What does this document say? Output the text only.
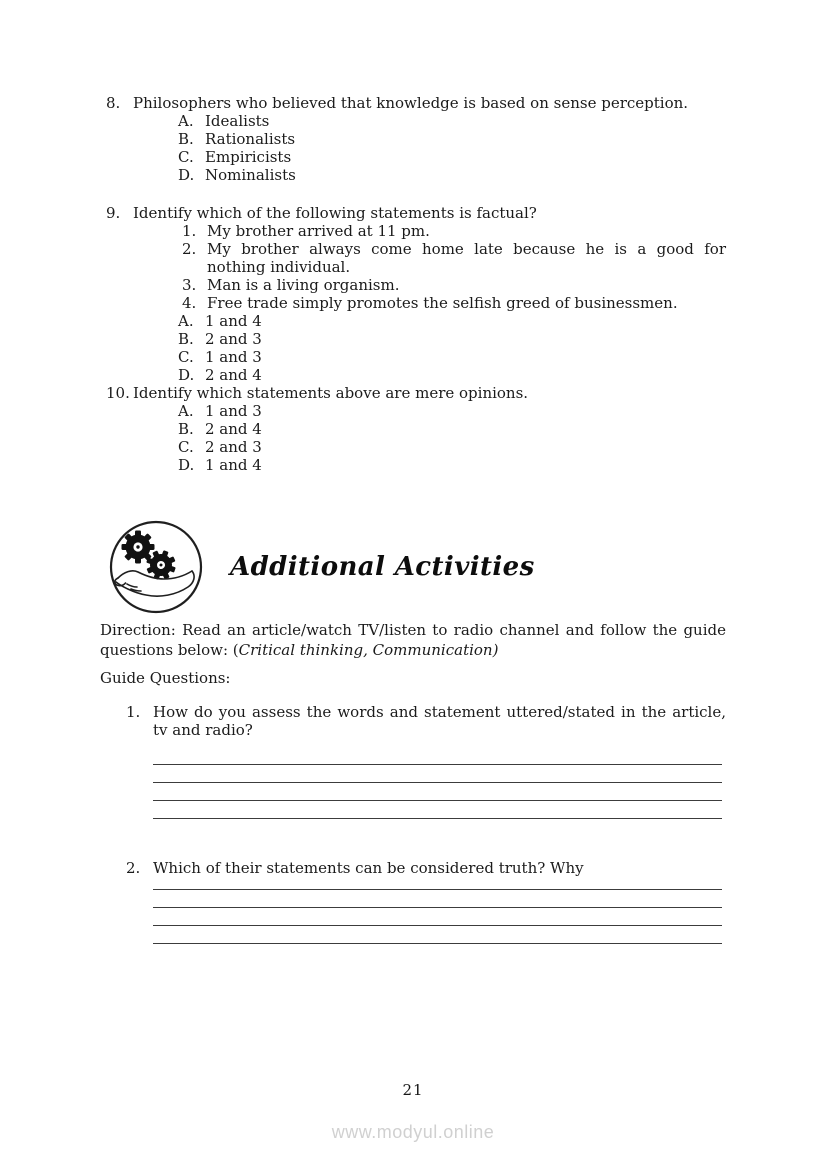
8. Philosophers who believed that knowledge is based on sense perception.
A. Idealists
B. Rationalists
C. Empiricists
D. Nominalists
9. Identify which of the following statements is factual?
1. My brother arrived at 11 pm.
2. My brother always come home late because he is a good for nothing individual.
3. Man is a living organism.
4. Free trade simply promotes the selfish greed of businessmen.
A. 1 and 4
B. 2 and 3
C. 1 and 3
D. 2 and 4
10. Identify which statements above are mere opinions.
A. 1 and 3
B. 2 and 4
C. 2 and 3
D. 1 and 4
Additional Activities

Direction: Read an article/watch TV/listen to radio channel and follow the guide questions below: (Critical thinking, Communication)

Guide Questions:

1. How do you assess the words and statement uttered/stated in the article, tv and radio?
2. Which of their statements can be considered truth? Why
21
www.modyul.online
